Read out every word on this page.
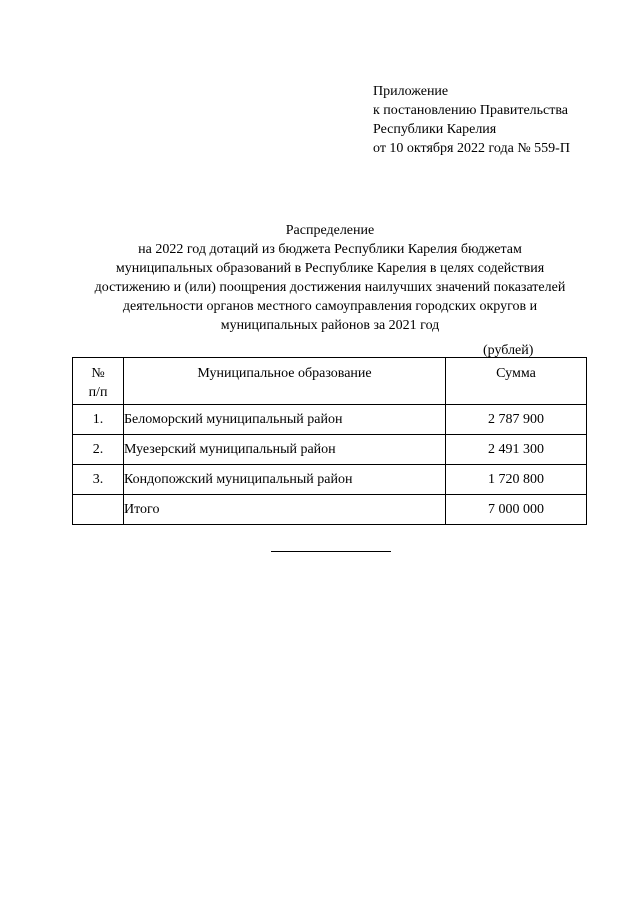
Приложение
к постановлению Правительства
Республики Карелия
от 10 октября 2022 года № 559-П
Распределение
на 2022 год дотаций из бюджета Республики Карелия бюджетам
муниципальных образований в Республике Карелия в целях содействия
достижению и (или) поощрения достижения наилучших значений показателей
деятельности органов местного самоуправления городских округов и
муниципальных районов за 2021 год
(рублей)
№
п/п	Муниципальное образование	Сумма
1.	Беломорский муниципальный район	2 787 900
2.	Муезерский муниципальный район	2 491 300
3.	Кондопожский муниципальный район	1 720 800
	Итого	7 000 000
